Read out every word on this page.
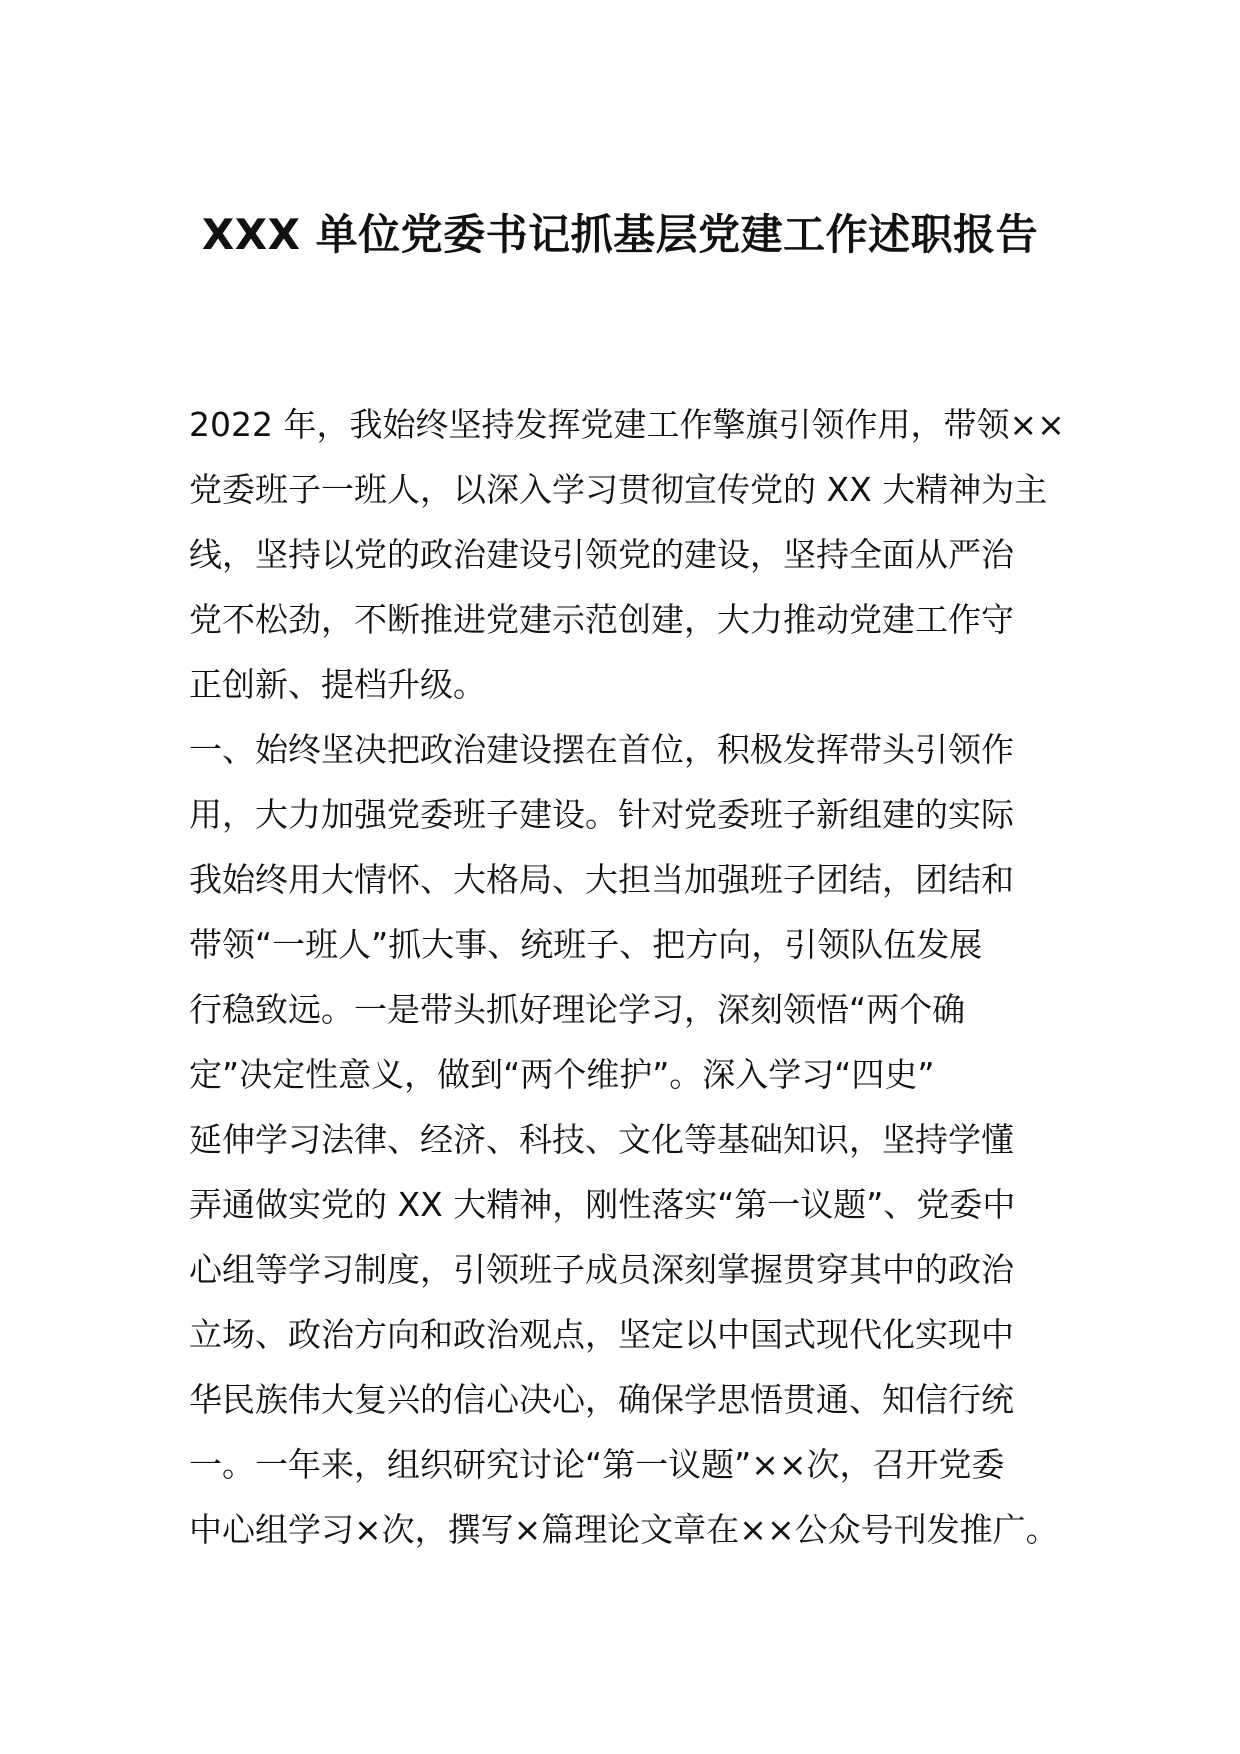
XXX 单位党委书记抓基层党建工作述职报告

2022 年，我始终坚持发挥党建工作擎旗引领作用，带领××

党委班子一班人，以深入学习贯彻宣传党的 XX 大精神为主

线，坚持以党的政治建设引领党的建设，坚持全面从严治

党不松劲，不断推进党建示范创建，大力推动党建工作守

正创新、提档升级。

一、始终坚决把政治建设摆在首位，积极发挥带头引领作

用，大力加强党委班子建设。针对党委班子新组建的实际

我始终用大情怀、大格局、大担当加强班子团结，团结和

带领“一班人”抓大事、统班子、把方向，引领队伍发展

行稳致远。一是带头抓好理论学习，深刻领悟“两个确

定”决定性意义，做到“两个维护”。深入学习“四史”

延伸学习法律、经济、科技、文化等基础知识，坚持学懂

弄通做实党的 XX 大精神，刚性落实“第一议题”、党委中

心组等学习制度，引领班子成员深刻掌握贯穿其中的政治

立场、政治方向和政治观点，坚定以中国式现代化实现中

华民族伟大复兴的信心决心，确保学思悟贯通、知信行统

一。一年来，组织研究讨论“第一议题”××次，召开党委

中心组学习×次，撰写×篇理论文章在××公众号刊发推广。
